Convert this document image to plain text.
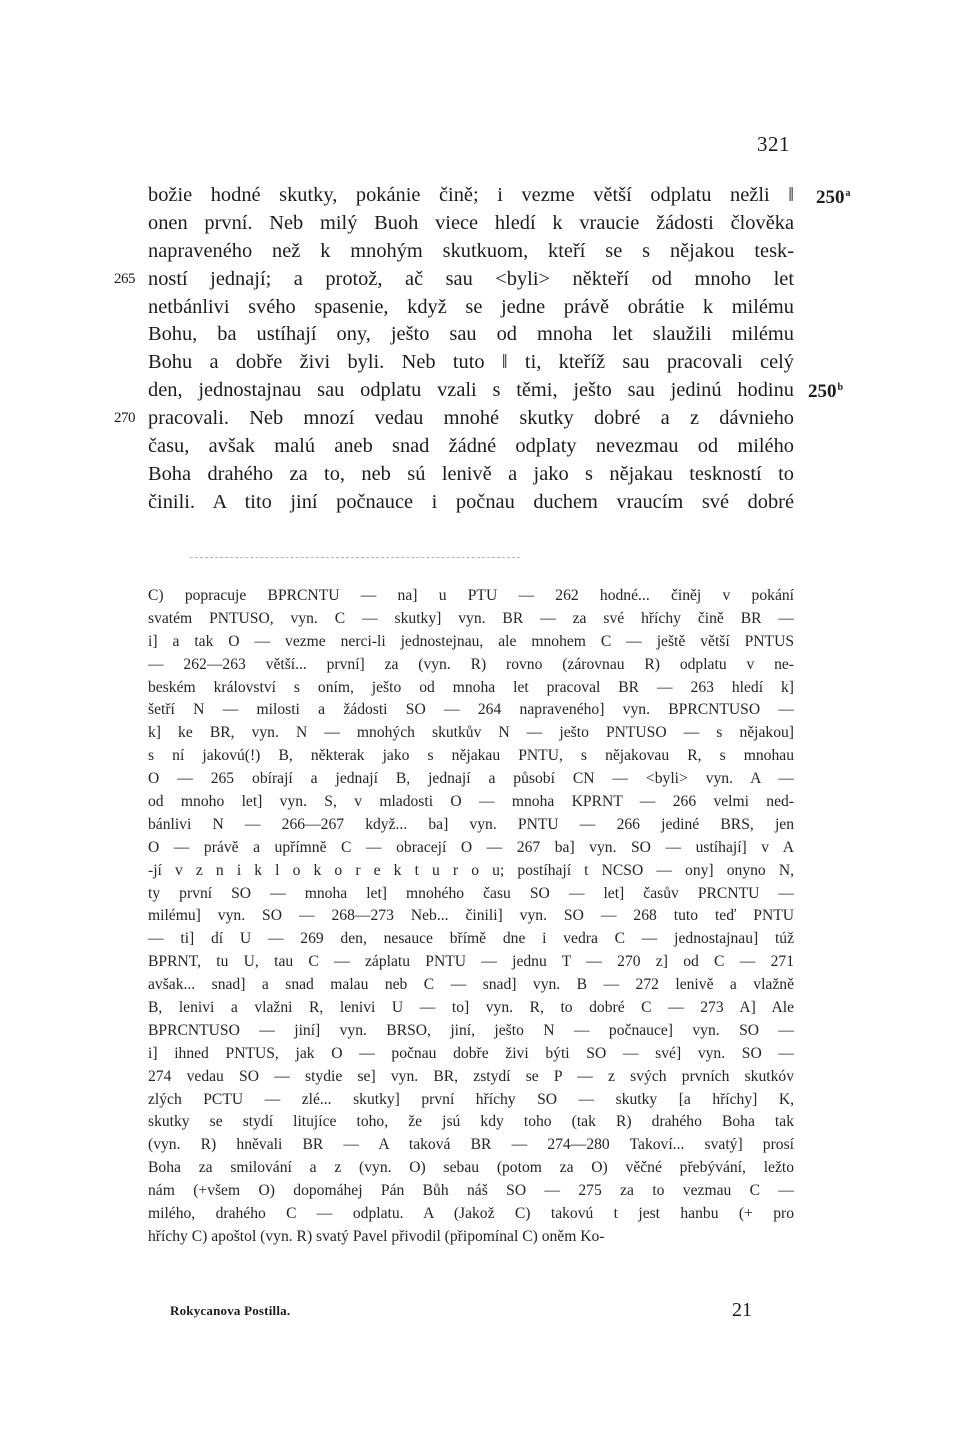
321
božie hodné skutky, pokánie čině; i vezme větší odplatu nežli ‖
onen první. Neb milý Buoh viece hledí k vraucie žádosti člověka
napraveného než k mnohým skutkuom, kteří se s nějakou tesk-
265 ností jednají; a protož, ač sau <byli> někteří od mnoho let
netbánlivi svého spasenie, když se jedne právě obrátie k milému
Bohu, ba ustíhají ony, ješto sau od mnoha let slaužili milému
Bohu a dobře živi byli. Neb tuto ‖ ti, kteříž sau pracovali celý
den, jednostajnau sau odplatu vzali s těmi, ješto sau jedinú hodinu
270 pracovali. Neb mnozí vedau mnohé skutky dobré a z dávnieho
času, avšak malú aneb snad žádné odplaty nevezmau od milého
Boha drahého za to, neb sú lenivě a jako s nějakau teskností to
činili. A tito jiní počnauce i počnau duchem vraucím své dobré
250$^a$
250$^b$
C) popracuje BPRCNTU — na] u PTU — 262 hodné... činěj v pokání
svatém PNTUSO, vyn. C — skutky] vyn. BR — za své hříchy čině BR —
i] a tak O — vezme nerci-li jednostejnau, ale mnohem C — ještě větší PNTUS
— 262—263 větší... první] za (vyn. R) rovno (zárovnau R) odplatu v ne-
beském království s oním, ješto od mnoha let pracoval BR — 263 hledí k]
šetří N — milosti a žádosti SO — 264 napraveného] vyn. BPRCNTUSO —
k] ke BR, vyn. N — mnohých skutkův N — ješto PNTUSO — s nějakou]
s ní jakovú(!) B, některak jako s nějakau PNTU, s nějakovau R, s mnohau
O — 265 obírají a jednají B, jednají a působí CN — <byli> vyn. A —
od mnoho let] vyn. S, v mladosti O — mnoha KPRNT — 266 velmi ned-
bánlivi N — 266—267 když... ba] vyn. PNTU — 266 jediné BRS, jen
O — právě a upřímně C — obracejí O — 267 ba] vyn. SO — ustíhají] v A
-jí v z n i k l o k o r e k t u r o u; postíhají t NCSO — ony] onyno N,
ty první SO — mnoha let] mnohého času SO — let] časův PRCNTU —
milému] vyn. SO — 268—273 Neb... činili] vyn. SO — 268 tuto teď PNTU
— ti] dí U — 269 den, nesauce břímě dne i vedra C — jednostajnau] túž
BPRNT, tu U, tau C — záplatu PNTU — jednu T — 270 z] od C — 271
avšak... snad] a snad malau neb C — snad] vyn. B — 272 lenivě a vlažně
B, lenivi a vlažni R, lenivi U — to] vyn. R, to dobré C — 273 A] Ale
BPRCNTUSO — jiní] vyn. BRSO, jiní, ješto N — počnauce] vyn. SO —
i] ihned PNTUS, jak O — počnau dobře živi býti SO — své] vyn. SO —
274 vedau SO — stydie se] vyn. BR, zstydí se P — z svých prvních skutkóv
zlých PCTU — zlé... skutky] první hříchy SO — skutky [a hříchy] K,
skutky se stydí litujíce toho, že jsú kdy toho (tak R) drahého Boha tak
(vyn. R) hněvali BR — A taková BR — 274—280 Takoví... svatý] prosí
Boha za smilování a z (vyn. O) sebau (potom za O) věčné přebývání, ležto
nám (+všem O) dopomáhej Pán Bůh náš SO — 275 za to vezmau C —
milého, drahého C — odplatu. A (Jakož C) takovú t jest hanbu (+ pro
hříchy C) apoštol (vyn. R) svatý Pavel přivodil (připomínal C) oněm Ko-
Rokycanova Postilla.	21
